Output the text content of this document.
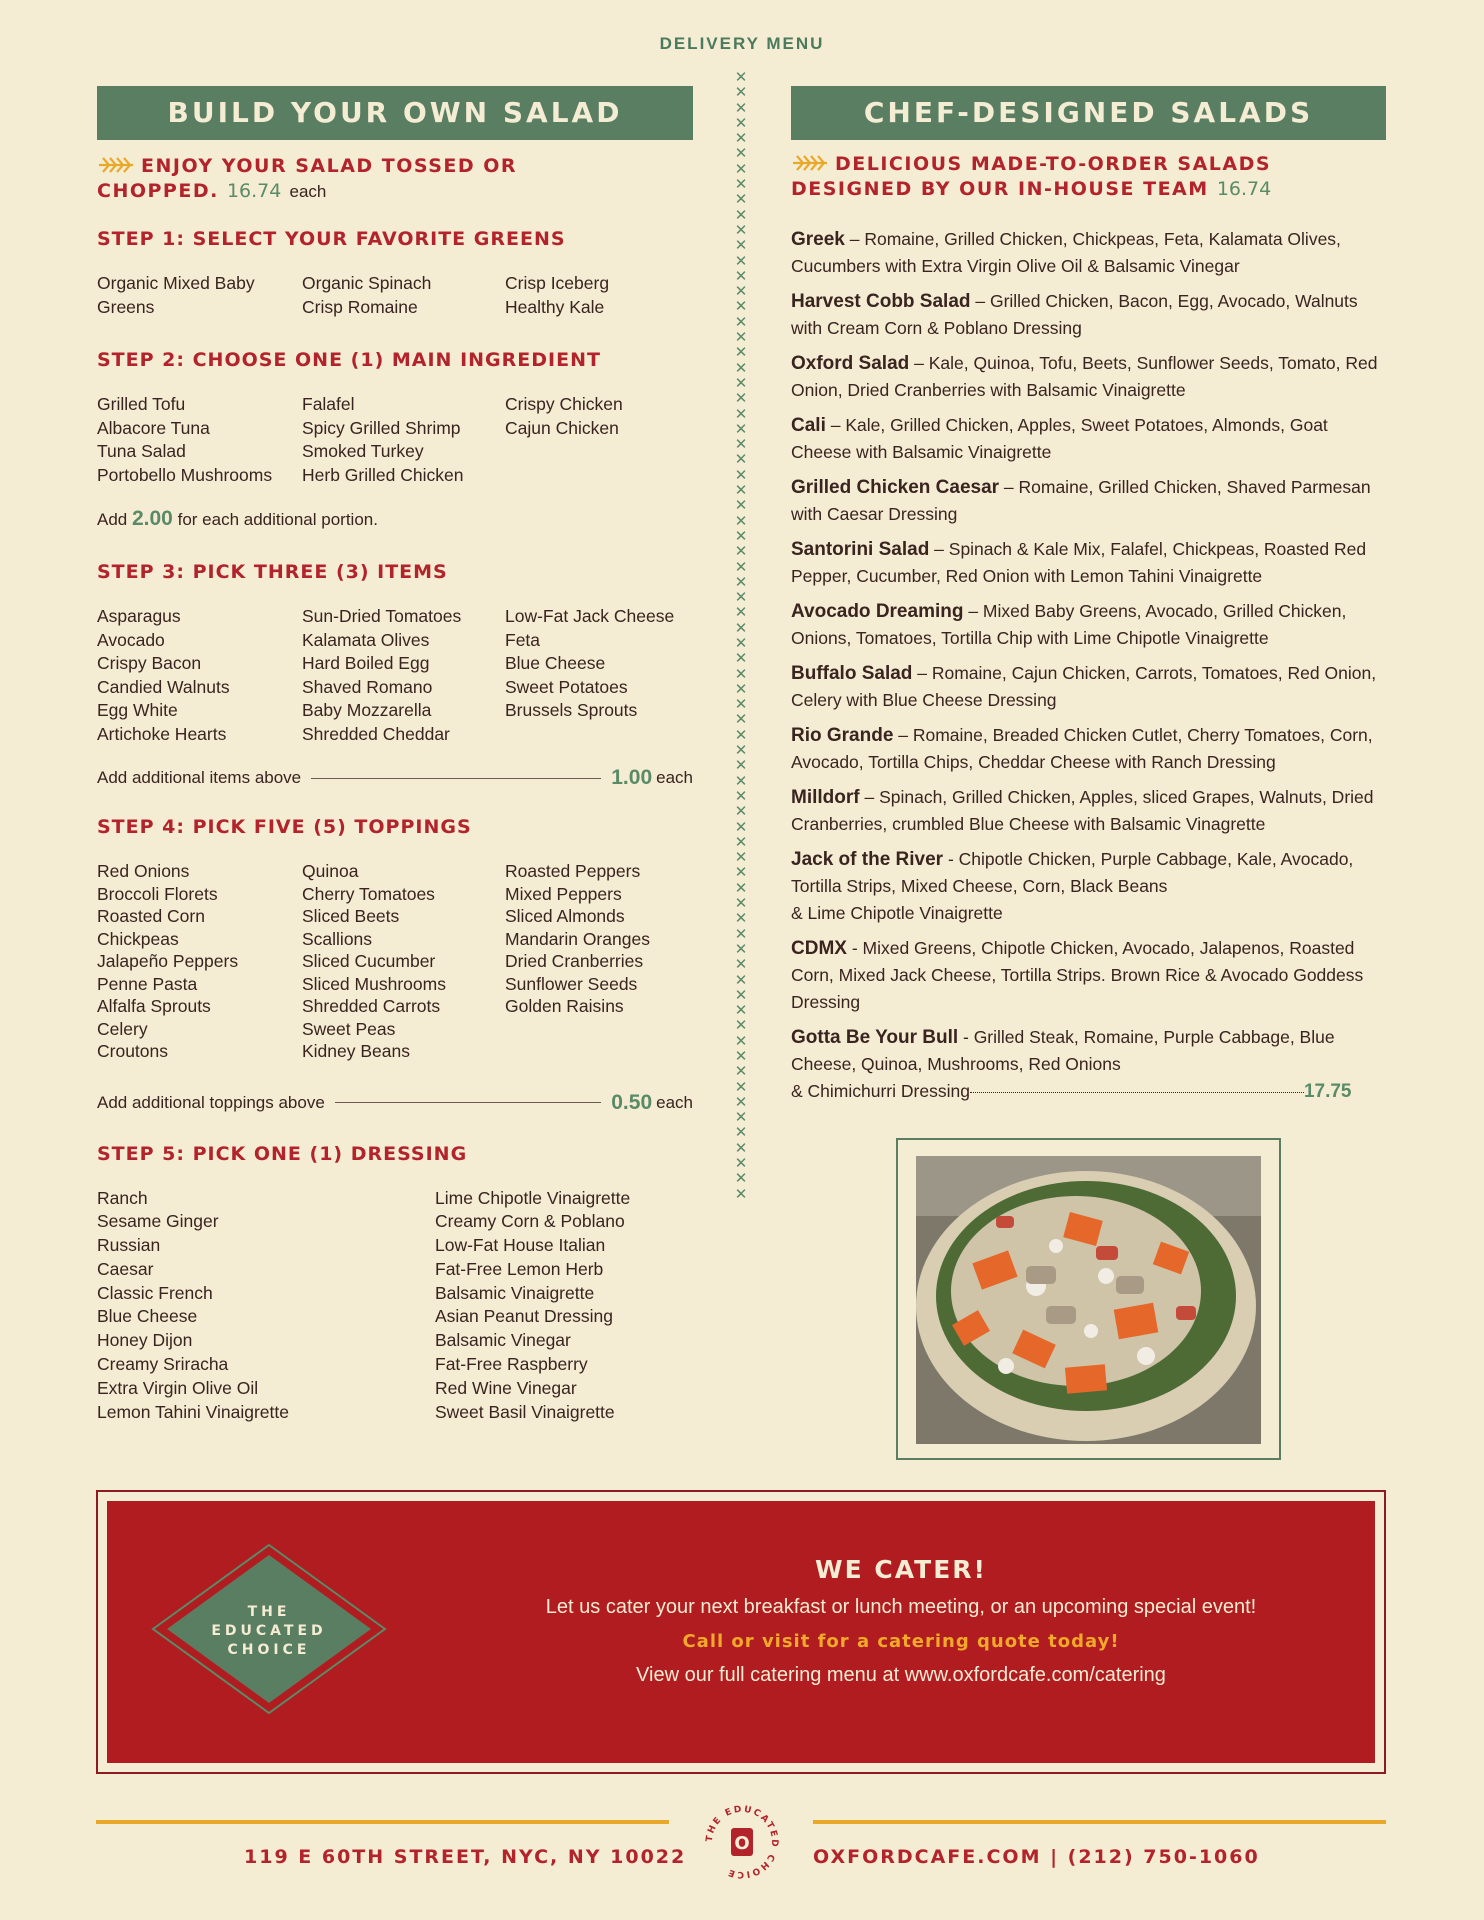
DELIVERY MENU
BUILD YOUR OWN SALAD
ENJOY YOUR SALAD TOSSED OR
CHOPPED. 16.74 each
STEP 1: SELECT YOUR FAVORITE GREENS
Organic Mixed Baby
Greens
Organic Spinach
Crisp Romaine
Crisp Iceberg
Healthy Kale
STEP 2: CHOOSE ONE (1) MAIN INGREDIENT
Grilled Tofu
Albacore Tuna
Tuna Salad
Portobello Mushrooms
Falafel
Spicy Grilled Shrimp
Smoked Turkey
Herb Grilled Chicken
Crispy Chicken
Cajun Chicken
Add 2.00 for each additional portion.
STEP 3: PICK THREE (3) ITEMS
Asparagus
Avocado
Crispy Bacon
Candied Walnuts
Egg White
Artichoke Hearts
Sun-Dried Tomatoes
Kalamata Olives
Hard Boiled Egg
Shaved Romano
Baby Mozzarella
Shredded Cheddar
Low-Fat Jack Cheese
Feta
Blue Cheese
Sweet Potatoes
Brussels Sprouts
Add additional items above	1.00 each
STEP 4: PICK FIVE (5) TOPPINGS
Red Onions
Broccoli Florets
Roasted Corn
Chickpeas
Jalapeño Peppers
Penne Pasta
Alfalfa Sprouts
Celery
Croutons
Quinoa
Cherry Tomatoes
Sliced Beets
Scallions
Sliced Cucumber
Sliced Mushrooms
Shredded Carrots
Sweet Peas
Kidney Beans
Roasted Peppers
Mixed Peppers
Sliced Almonds
Mandarin Oranges
Dried Cranberries
Sunflower Seeds
Golden Raisins
Add additional toppings above	0.50 each
STEP 5: PICK ONE (1) DRESSING
Ranch
Sesame Ginger
Russian
Caesar
Classic French
Blue Cheese
Honey Dijon
Creamy Sriracha
Extra Virgin Olive Oil
Lemon Tahini Vinaigrette
Lime Chipotle Vinaigrette
Creamy Corn & Poblano
Low-Fat House Italian
Fat-Free Lemon Herb
Balsamic Vinaigrette
Asian Peanut Dressing
Balsamic Vinegar
Fat-Free Raspberry
Red Wine Vinegar
Sweet Basil Vinaigrette
✕
✕
✕
✕
✕
✕
✕
✕
✕
✕
✕
✕
✕
✕
✕
✕
✕
✕
✕
✕
✕
✕
✕
✕
✕
✕
✕
✕
✕
✕
✕
✕
✕
✕
✕
✕
✕
✕
✕
✕
✕
✕
✕
✕
✕
✕
✕
✕
✕
✕
✕
✕
✕
✕
✕
✕
✕
✕
✕
✕
✕
✕
✕
✕
✕
✕
✕
✕
✕
✕
✕
✕
✕
✕
CHEF-DESIGNED SALADS
DELICIOUS MADE-TO-ORDER SALADS
DESIGNED BY OUR IN-HOUSE TEAM 16.74
Greek – Romaine, Grilled Chicken, Chickpeas, Feta, Kalamata Olives, Cucumbers with Extra Virgin Olive Oil & Balsamic Vinegar
Harvest Cobb Salad – Grilled Chicken, Bacon, Egg, Avocado, Walnuts with Cream Corn & Poblano Dressing
Oxford Salad – Kale, Quinoa, Tofu, Beets, Sunflower Seeds, Tomato, Red Onion, Dried Cranberries with Balsamic Vinaigrette
Cali – Kale, Grilled Chicken, Apples, Sweet Potatoes, Almonds, Goat Cheese with Balsamic Vinaigrette
Grilled Chicken Caesar – Romaine, Grilled Chicken, Shaved Parmesan with Caesar Dressing
Santorini Salad – Spinach & Kale Mix, Falafel, Chickpeas, Roasted Red Pepper, Cucumber, Red Onion with Lemon Tahini Vinaigrette
Avocado Dreaming – Mixed Baby Greens, Avocado, Grilled Chicken, Onions, Tomatoes, Tortilla Chip with Lime Chipotle Vinaigrette
Buffalo Salad – Romaine, Cajun Chicken, Carrots, Tomatoes, Red Onion, Celery with Blue Cheese Dressing
Rio Grande – Romaine, Breaded Chicken Cutlet, Cherry Tomatoes, Corn, Avocado, Tortilla Chips, Cheddar Cheese with Ranch Dressing
Milldorf – Spinach, Grilled Chicken, Apples, sliced Grapes, Walnuts, Dried Cranberries, crumbled Blue Cheese with Balsamic Vinagrette
Jack of the River - Chipotle Chicken, Purple Cabbage, Kale, Avocado, Tortilla Strips, Mixed Cheese, Corn, Black Beans
& Lime Chipotle Vinaigrette
CDMX - Mixed Greens, Chipotle Chicken, Avocado, Jalapenos, Roasted Corn, Mixed Jack Cheese, Tortilla Strips. Brown Rice & Avocado Goddess Dressing
Gotta Be Your Bull - Grilled Steak, Romaine, Purple Cabbage, Blue Cheese, Quinoa, Mushrooms, Red Onions
& Chimichurri Dressing	17.75
THE
EDUCATED
CHOICE
WE CATER!
Let us cater your next breakfast or lunch meeting, or an upcoming special event!
Call or visit for a catering quote today!
View our full catering menu at www.oxfordcafe.com/catering
119 E 60TH STREET, NYC, NY 10022	OXFORDCAFE.COM | (212) 750-1060
THE EDUCATED CHOICE
O
